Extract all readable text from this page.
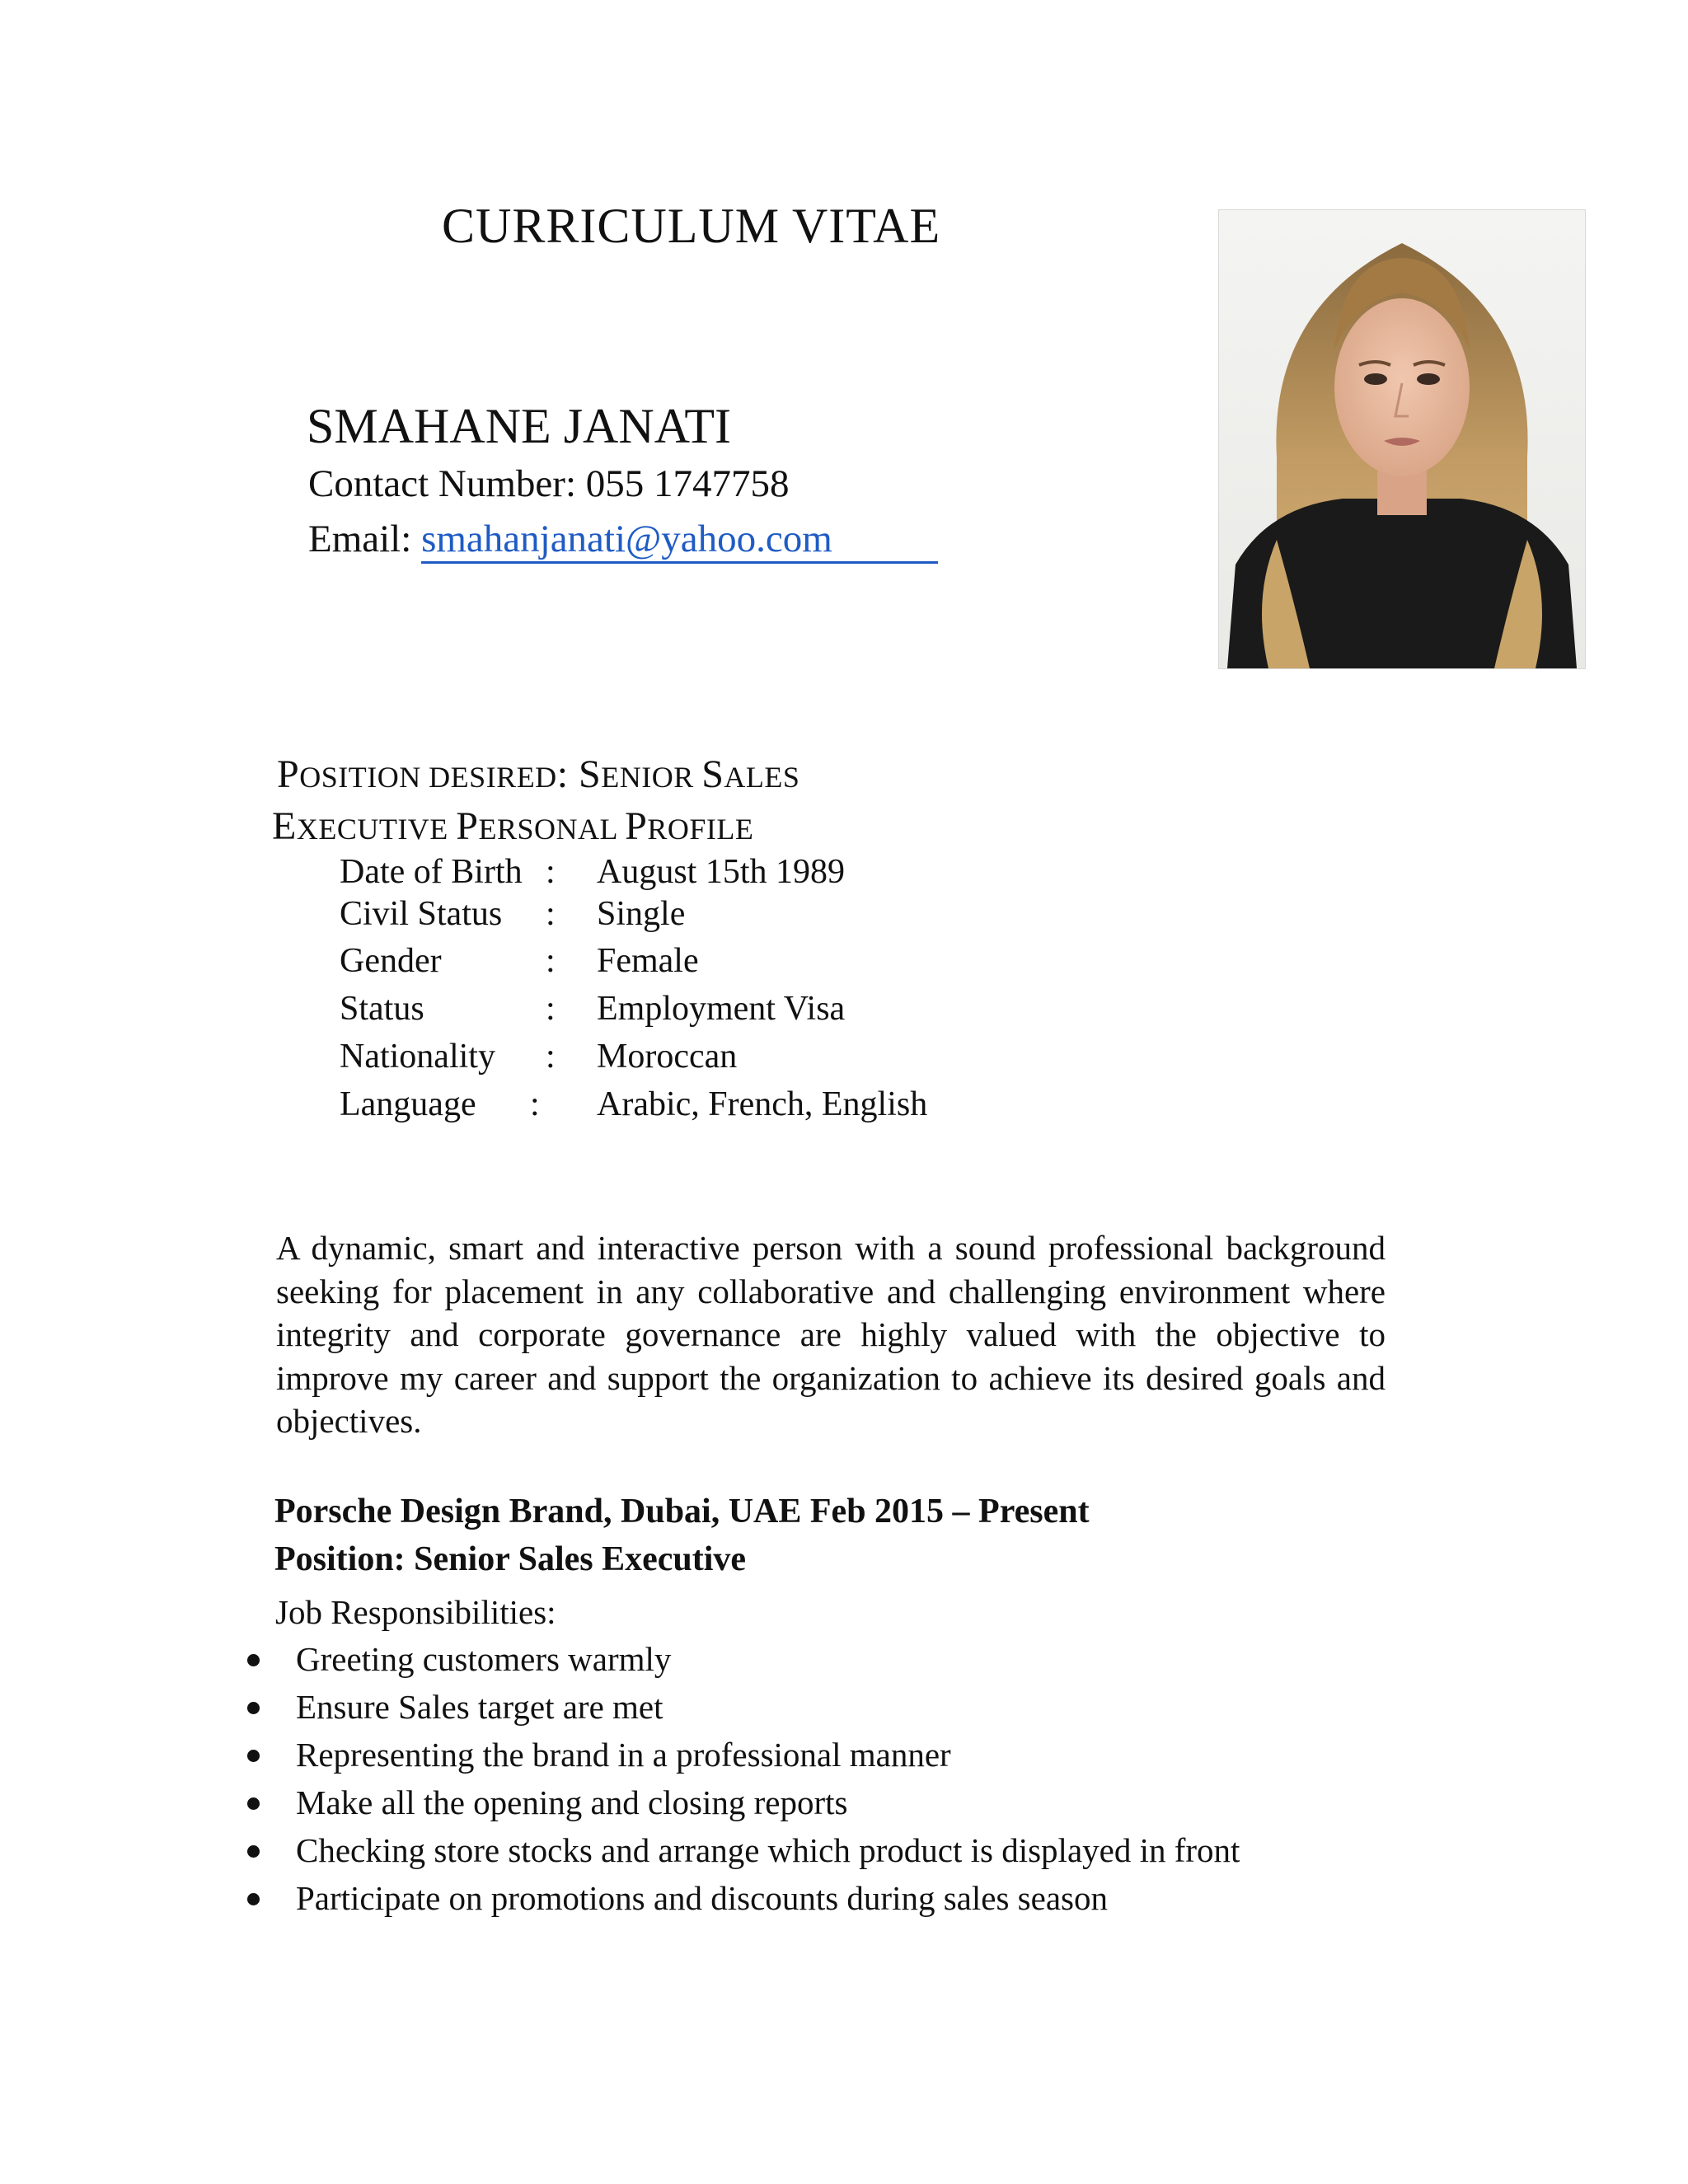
CURRICULUM VITAE
SMAHANE JANATI
Contact Number: 055 1747758
Email: smahanjanati@yahoo.com
POSITION DESIRED: SENIOR SALES
EXECUTIVE PERSONAL PROFILE
Date of Birth : August 15th 1989
Civil Status : Single
Gender	: Female
Status	: Employment Visa
Nationality : Moroccan
Language : Arabic, French, English
A dynamic, smart and interactive person with a sound professional background seeking for placement in any collaborative and challenging environment where integrity and corporate governance are highly valued with the objective to improve my career and support the organization to achieve its desired goals and objectives.
Porsche Design Brand, Dubai, UAE Feb 2015 – Present
Position: Senior Sales Executive
Job Responsibilities:
Greeting customers warmly
Ensure Sales target are met
Representing the brand in a professional manner
Make all the opening and closing reports
Checking store stocks and arrange which product is displayed in front
Participate on promotions and discounts during sales season
